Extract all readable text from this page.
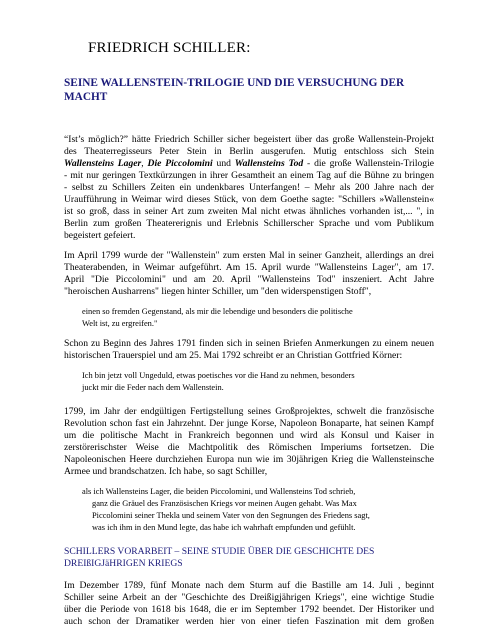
FRIEDRICH SCHILLER:
SEINE WALLENSTEIN-TRILOGIE UND DIE VERSUCHUNG DER
MACHT
“Ist’s möglich?” hätte Friedrich Schiller sicher begeistert über das große Wallenstein-Projekt
des Theaterregisseurs Peter Stein in Berlin ausgerufen. Mutig entschloss sich Stein
Wallensteins Lager, Die Piccolomini und Wallensteins Tod - die große Wallenstein-Trilogie
- mit nur geringen Textkürzungen in ihrer Gesamtheit an einem Tag auf die Bühne zu bringen
- selbst zu Schillers Zeiten ein undenkbares Unterfangen! – Mehr als 200 Jahre nach der
Uraufführung in Weimar wird dieses Stück, von dem Goethe sagte: "Schillers »Wallenstein«
ist so groß, dass in seiner Art zum zweiten Mal nicht etwas ähnliches vorhanden ist,... ", in
Berlin zum großen Theatererignis und Erlebnis Schillerscher Sprache und vom Publikum
begeistert gefeiert.
Im April 1799 wurde der "Wallenstein" zum ersten Mal in seiner Ganzheit, allerdings an drei
Theaterabenden, in Weimar aufgeführt. Am 15. April wurde "Wallensteins Lager", am 17.
April "Die Piccolomini" und am 20. April "Wallensteins Tod" inszeniert. Acht Jahre
"heroischen Ausharrens" liegen hinter Schiller, um "den widerspenstigen Stoff",
einen so fremden Gegenstand, als mir die lebendige und besonders die politische
Welt ist, zu ergreifen."
Schon zu Beginn des Jahres 1791 finden sich in seinen Briefen Anmerkungen zu einem neuen
historischen Trauerspiel und am 25. Mai 1792 schreibt er an Christian Gottfried Körner:
Ich bin jetzt voll Ungeduld, etwas poetisches vor die Hand zu nehmen, besonders
juckt mir die Feder nach dem Wallenstein.
1799, im Jahr der endgültigen Fertigstellung seines Großprojektes, schwelt die französische
Revolution schon fast ein Jahrzehnt. Der junge Korse, Napoleon Bonaparte, hat seinen Kampf
um die politische Macht in Frankreich begonnen und wird als Konsul und Kaiser in
zerstörerischster Weise die Machtpolitik des Römischen Imperiums fortsetzen. Die
Napoleonischen Heere durchziehen Europa nun wie im 30jährigen Krieg die Wallensteinsche
Armee und brandschatzen. Ich habe, so sagt Schiller,
als ich Wallensteins Lager, die beiden Piccolomini, und Wallensteins Tod schrieb,
ganz die Gräuel des Französischen Kriegs vor meinen Augen gehabt. Was Max
Piccolomini seiner Thekla und seinem Vater von den Segnungen des Friedens sagt,
was ich ihm in den Mund legte, das habe ich wahrhaft empfunden und gefühlt.
SCHILLERS VORARBEIT – SEINE STUDIE ÜBER DIE GESCHICHTE DES
DREIßIGJäHRIGEN KRIEGS
Im Dezember 1789, fünf Monate nach dem Sturm auf die Bastille am 14. Juli , beginnt
Schiller seine Arbeit an der "Geschichte des Dreißigjährigen Kriegs", eine wichtige Studie
über die Periode von 1618 bis 1648, die er im September 1792 beendet. Der Historiker und
auch schon der Dramatiker werden hier von einer tiefen Faszination mit dem großen
